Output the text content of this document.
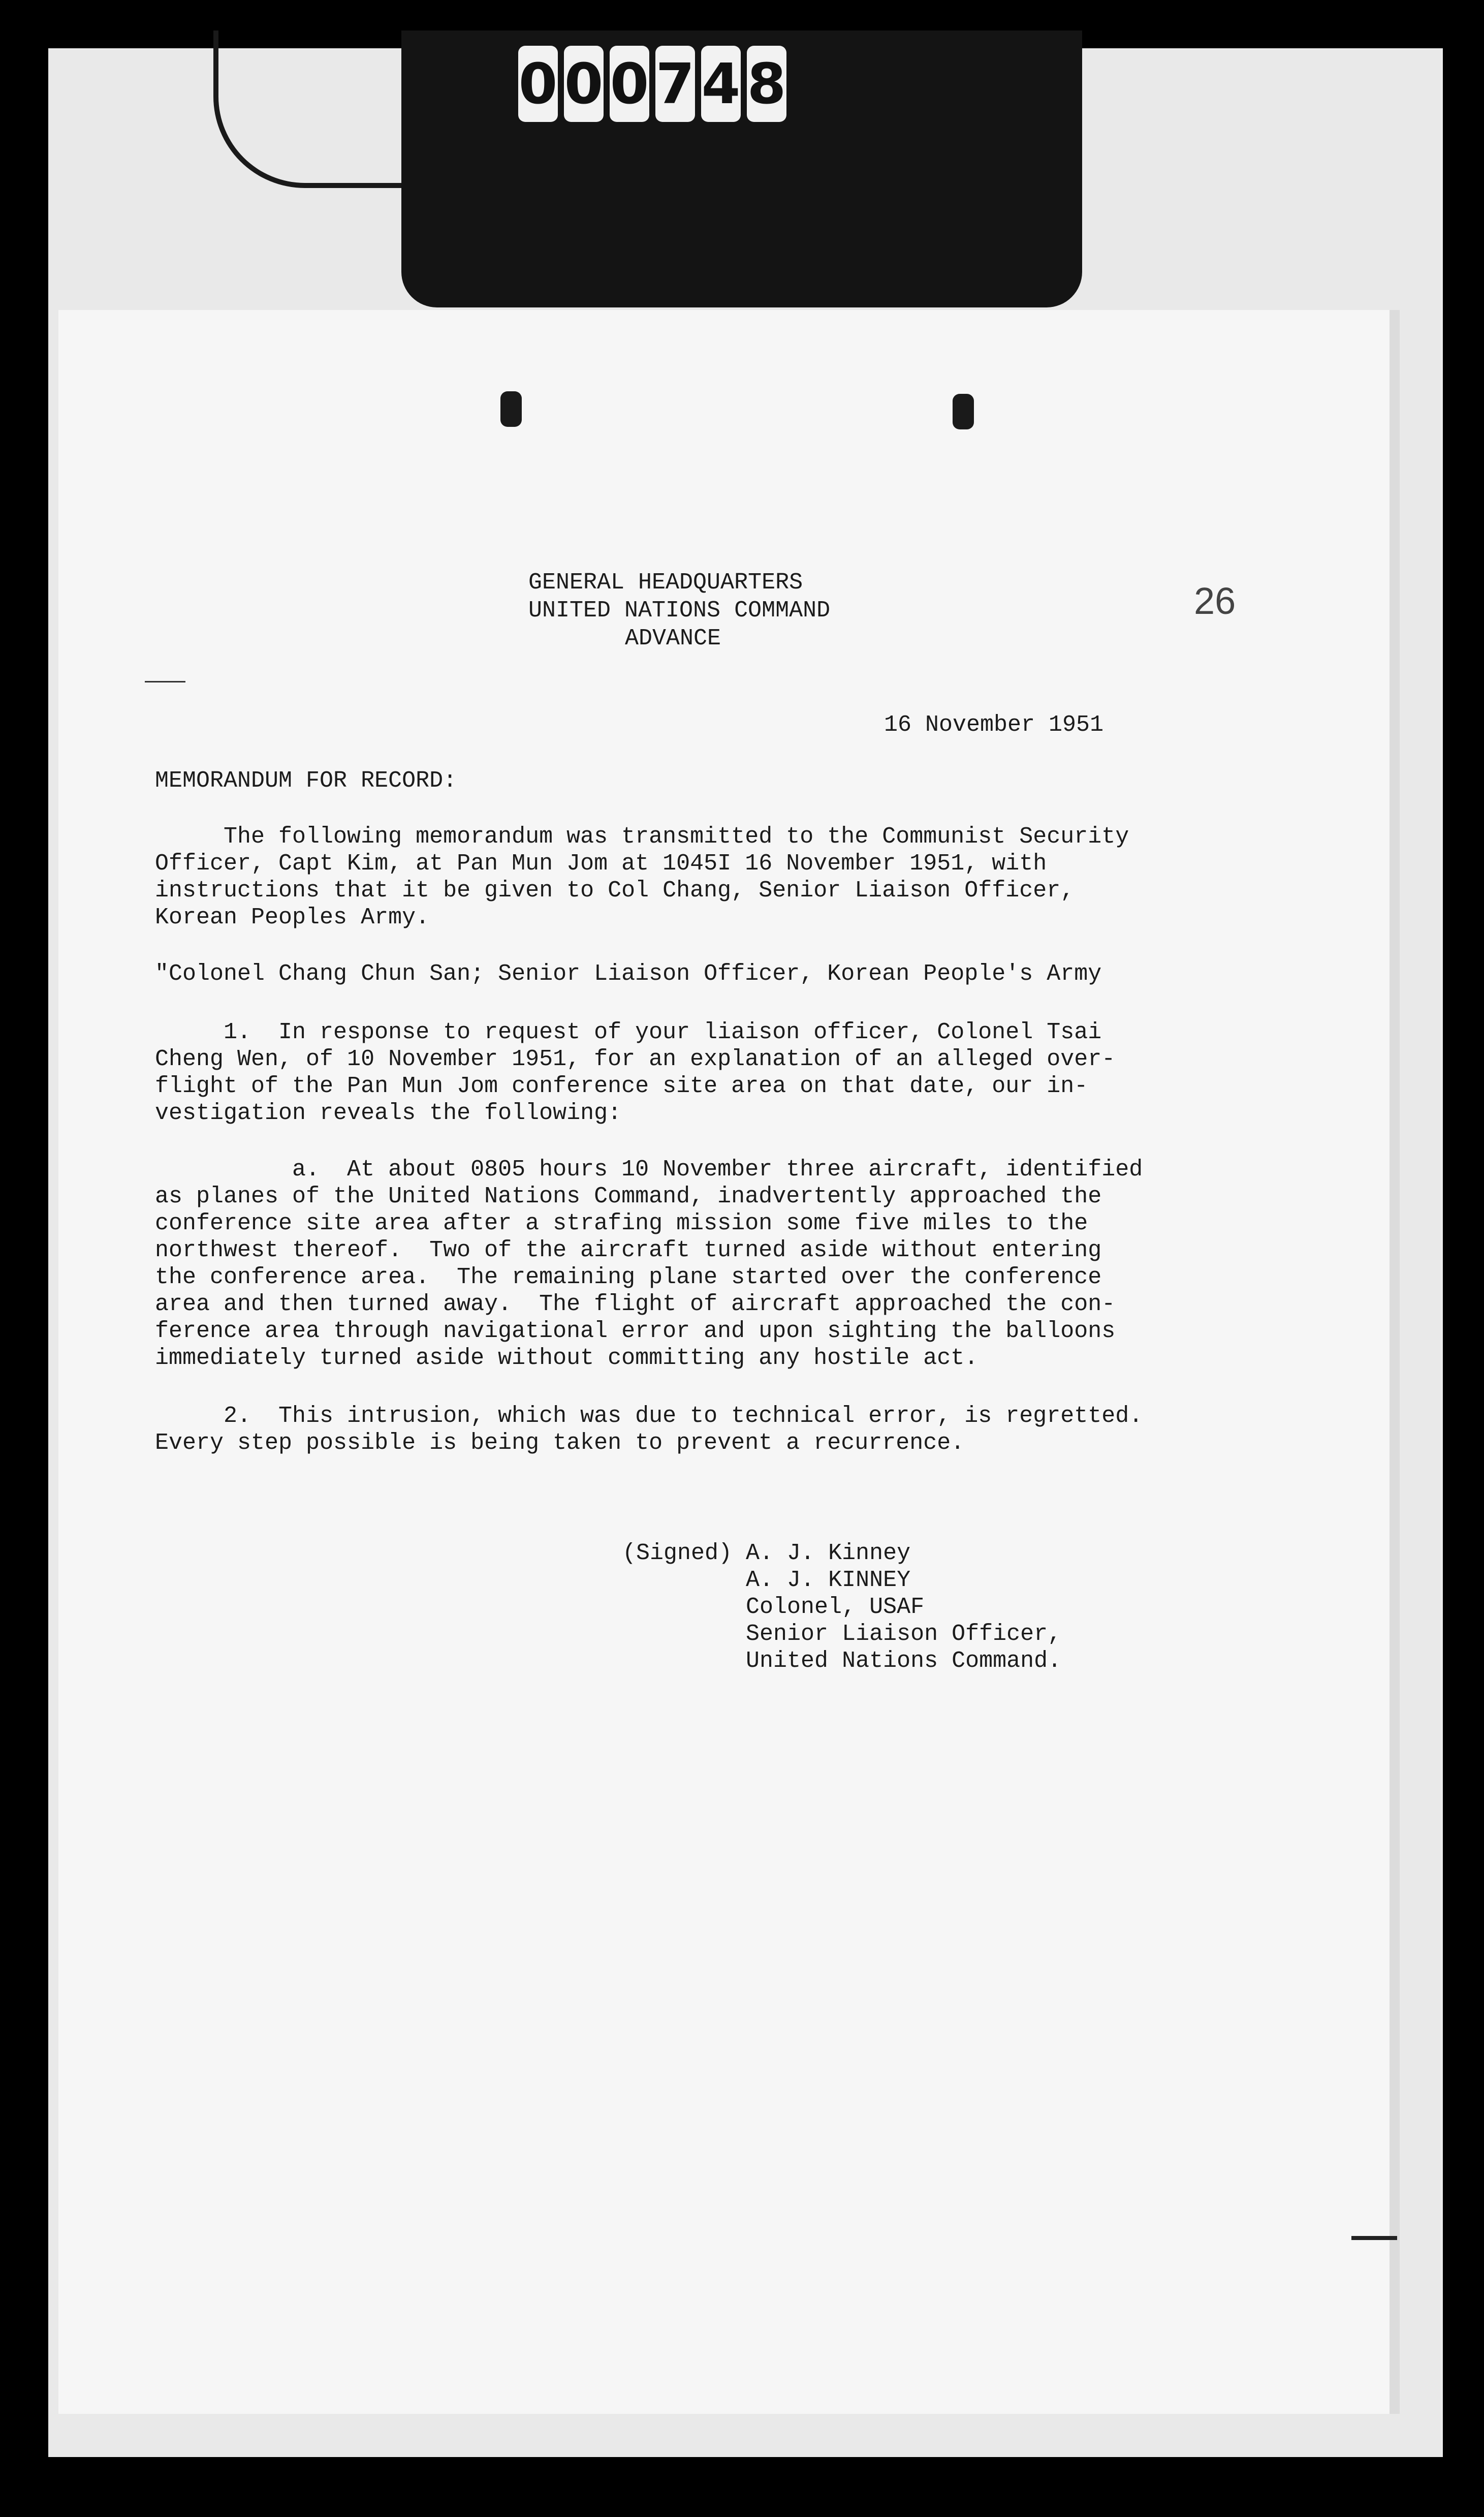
0 0 0 7 4 8

GENERAL HEADQUARTERS

UNITED NATIONS COMMAND

ADVANCE

26

16 November 1951

MEMORANDUM FOR RECORD:

The following memorandum was transmitted to the Communist Security
Officer, Capt Kim, at Pan Mun Jom at 1045I 16 November 1951, with
instructions that it be given to Col Chang, Senior Liaison Officer,
Korean Peoples Army.

"Colonel Chang Chun San; Senior Liaison Officer, Korean People's Army

1.  In response to request of your liaison officer, Colonel Tsai
Cheng Wen, of 10 November 1951, for an explanation of an alleged over-
flight of the Pan Mun Jom conference site area on that date, our in-
vestigation reveals the following:

a.  At about 0805 hours 10 November three aircraft, identified
as planes of the United Nations Command, inadvertently approached the
conference site area after a strafing mission some five miles to the
northwest thereof.  Two of the aircraft turned aside without entering
the conference area.  The remaining plane started over the conference
area and then turned away.  The flight of aircraft approached the con-
ference area through navigational error and upon sighting the balloons
immediately turned aside without committing any hostile act.

2.  This intrusion, which was due to technical error, is regretted.
Every step possible is being taken to prevent a recurrence.

(Signed) A. J. Kinney
A. J. KINNEY
Colonel, USAF
Senior Liaison Officer,
United Nations Command.
